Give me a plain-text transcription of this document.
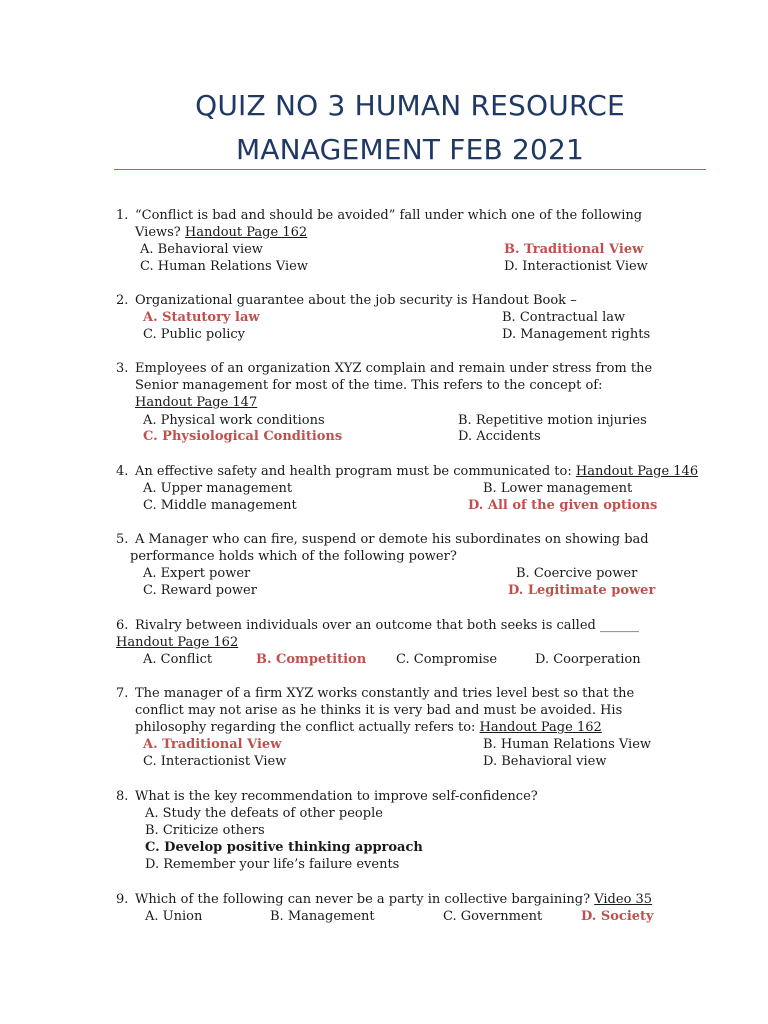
QUIZ NO 3 HUMAN RESOURCE
MANAGEMENT FEB 2021
1. “Conflict is bad and should be avoided” fall under which one of the following
Views? Handout Page 162
A. Behavioral view	B. Traditional View
C. Human Relations View	D. Interactionist View
2. Organizational guarantee about the job security is Handout Book –
A. Statutory law	B. Contractual law
C. Public policy	D. Management rights
3. Employees of an organization XYZ complain and remain under stress from the
Senior management for most of the time. This refers to the concept of:
Handout Page 147
A. Physical work conditions	B. Repetitive motion injuries
C. Physiological Conditions	D. Accidents
4. An effective safety and health program must be communicated to: Handout Page 146
A. Upper management	B. Lower management
C. Middle management	D. All of the given options
5. A Manager who can fire, suspend or demote his subordinates on showing bad
performance holds which of the following power?
A. Expert power	B. Coercive power
C. Reward power	D. Legitimate power
6. Rivalry between individuals over an outcome that both seeks is called ______
Handout Page 162
A. Conflict	B. Competition C. Compromise	D. Coorperation
7. The manager of a firm XYZ works constantly and tries level best so that the
conflict may not arise as he thinks it is very bad and must be avoided. His
philosophy regarding the conflict actually refers to: Handout Page 162
A. Traditional View	B. Human Relations View
C. Interactionist View	D. Behavioral view
8. What is the key recommendation to improve self-confidence?
A. Study the defeats of other people
B. Criticize others
C. Develop positive thinking approach
D. Remember your life’s failure events
9. Which of the following can never be a party in collective bargaining? Video 35
A. Union	B. Management	C. Government	D. Society
